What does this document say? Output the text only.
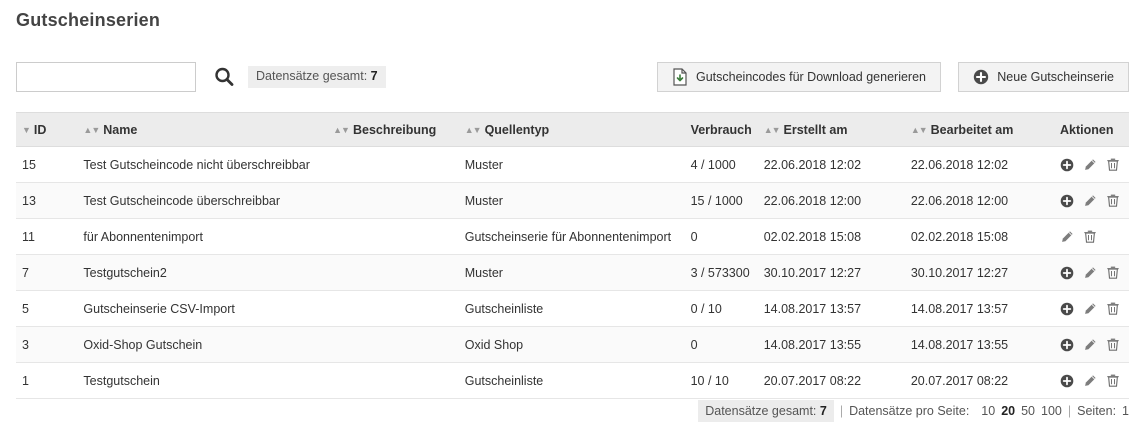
Gutscheinserien
Datensätze gesamt: 7	Gutscheincodes für Download generieren	Neue Gutscheinserie
▼ ID	▲▼ Name	▲▼ Beschreibung	▲▼ Quellentyp	Verbrauch	▲▼ Erstellt am	▲▼ Bearbeitet am	Aktionen
15	Test Gutscheincode nicht überschreibbar		Muster	4 / 1000	22.06.2018 12:02	22.06.2018 12:02	

13	Test Gutscheincode überschreibbar		Muster	15 / 1000	22.06.2018 12:00	22.06.2018 12:00	

11	für Abonnentenimport		Gutscheinserie für Abonnentenimport	0	02.02.2018 15:08	02.02.2018 15:08	

7	Testgutschein2		Muster	3 / 573300	30.10.2017 12:27	30.10.2017 12:27	

5	Gutscheinserie CSV-Import		Gutscheinliste	0 / 10	14.08.2017 13:57	14.08.2017 13:57	

3	Oxid-Shop Gutschein		Oxid Shop	0	14.08.2017 13:55	14.08.2017 13:55	

1	Testgutschein		Gutscheinliste	10 / 10	20.07.2017 08:22	20.07.2017 08:22	
Datensätze gesamt: 7	| Datensätze pro Seite: 10 20 50 100 | Seiten: 1
